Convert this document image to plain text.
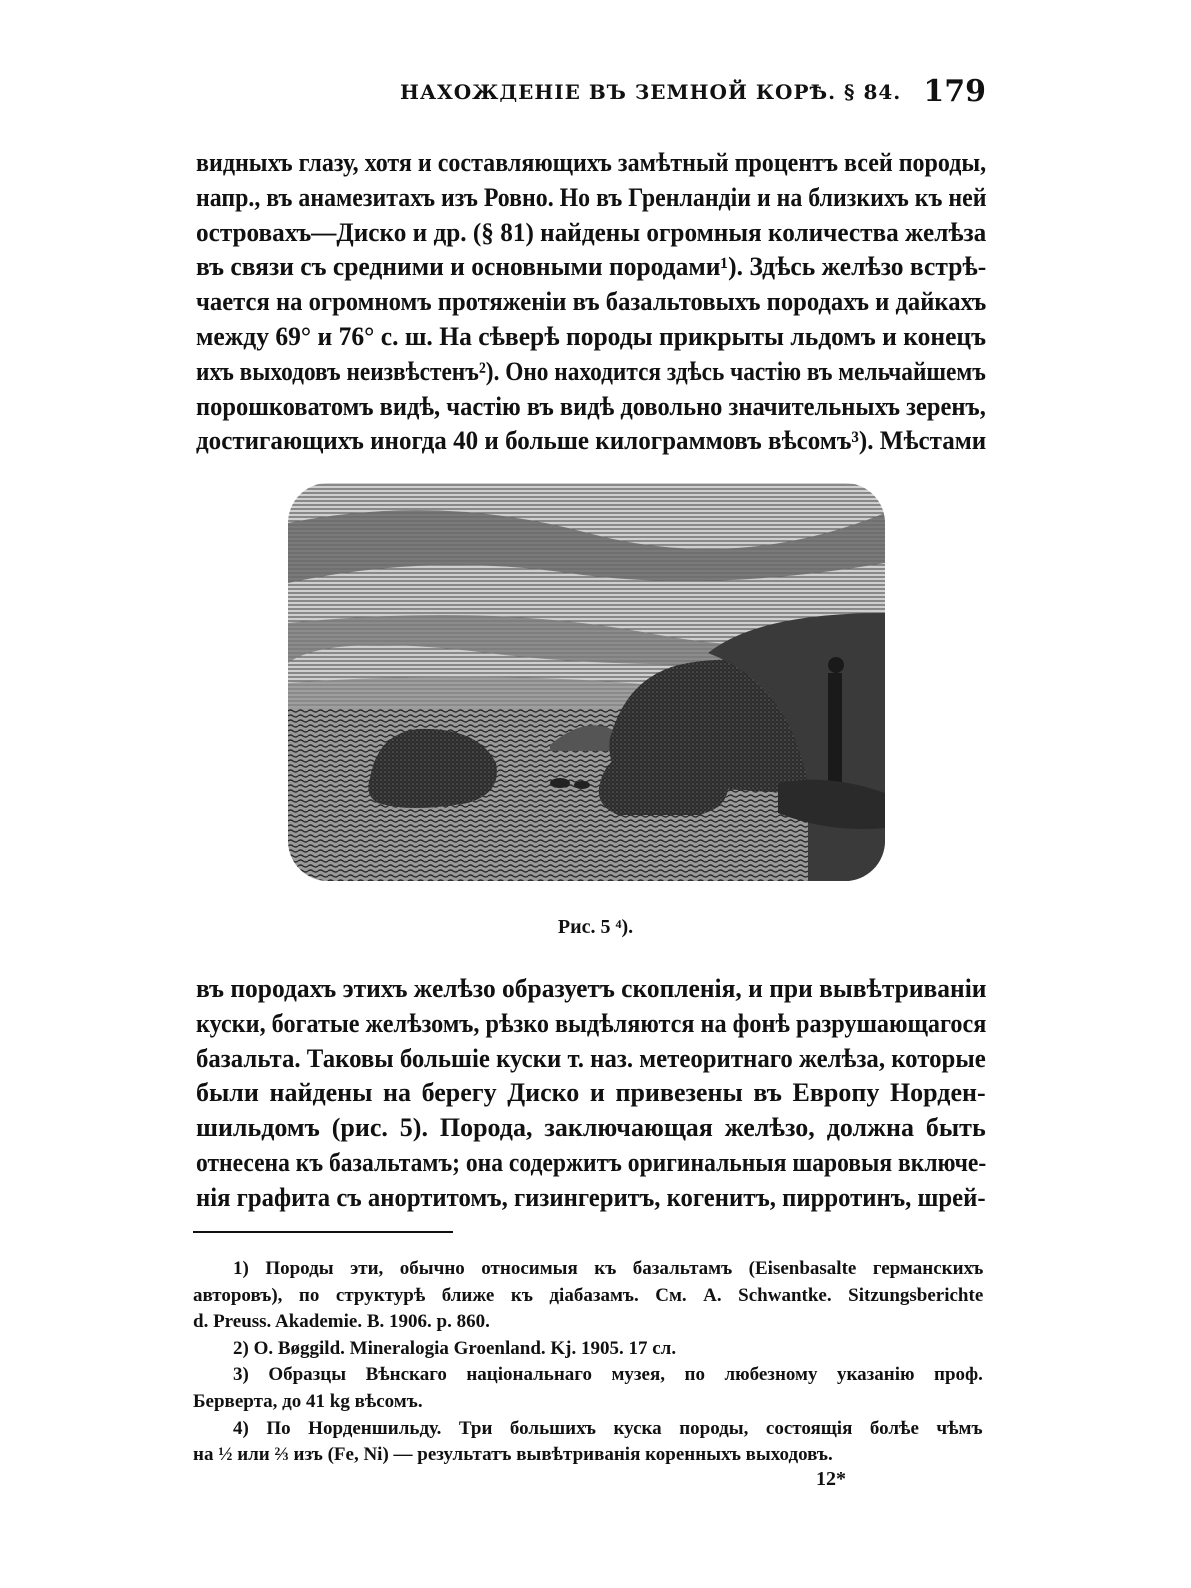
НАХОЖДЕНІЕ ВЪ ЗЕМНОЙ КОРѢ. § 84. 179
видныхъ глазу, хотя и составляющихъ замѣтный процентъ всей породы,
напр., въ анамезитахъ изъ Ровно. Но въ Гренландіи и на близкихъ къ ней
островахъ—Диско и др. (§ 81) найдены огромныя количества желѣза
въ связи съ средними и основными породами¹). Здѣсь желѣзо встрѣ-
чается на огромномъ протяженіи въ базальтовыхъ породахъ и дайкахъ
между 69° и 76° с. ш. На сѣверѣ породы прикрыты льдомъ и конецъ
ихъ выходовъ неизвѣстенъ²). Оно находится здѣсь частію въ мельчайшемъ
порошковатомъ видѣ, частію въ видѣ довольно значительныхъ зеренъ,
достигающихъ иногда 40 и больше килограммовъ вѣсомъ³). Мѣстами
Рис. 5 ⁴).
въ породахъ этихъ желѣзо образуетъ скопленія, и при вывѣтриваніи
куски, богатые желѣзомъ, рѣзко выдѣляются на фонѣ разрушающагося
базальта. Таковы большіе куски т. наз. метеоритнаго желѣза, которые
были найдены на берегу Диско и привезены въ Европу Норден-
шильдомъ (рис. 5). Порода, заключающая желѣзо, должна быть
отнесена къ базальтамъ; она содержитъ оригинальныя шаровыя включе-
нія графита съ анортитомъ, гизингеритъ, когенитъ, пирротинъ, шрей-
1) Породы эти, обычно относимыя къ базальтамъ (Eisenbasalte германскихъ
авторовъ), по структурѣ ближе къ діабазамъ. См. A. Schwantke. Sitzungsberichte
d. Preuss. Akademie. B. 1906. p. 860.
2) O. Bøggild. Mineralogia Groenland. Kj. 1905. 17 сл.
3) Образцы Вѣнскаго національнаго музея, по любезному указанію проф.
Берверта, до 41 kg вѣсомъ.
4) По Норденшильду. Три большихъ куска породы, состоящія болѣе чѣмъ
на ½ или ⅔ изъ (Fe, Ni) — результатъ вывѣтриванія коренныхъ выходовъ.
12*
